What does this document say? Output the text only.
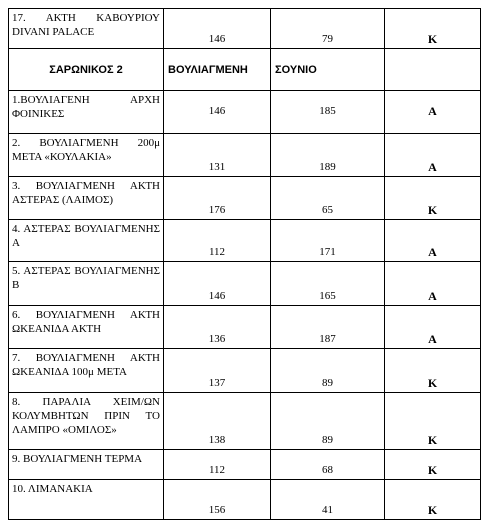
17. ΑΚΤΗ ΚΑΒΟΥΡΙΟΥ DIVANI PALACE	146	79	K
ΣΑΡΩΝΙΚΟΣ 2	ΒΟΥΛΙΑΓΜΕΝΗ	ΣΟΥΝΙΟ	
1.ΒΟΥΛΙΑΓΕΝΗ ΑΡΧΗ ΦΟΙΝΙΚΕΣ	146	185	A
2. ΒΟΥΛΙΑΓΜΕΝΗ 200μ ΜΕΤΑ «ΚΟΥΛΑΚΙΑ»	131	189	A
3. ΒΟΥΛΙΑΓΜΕΝΗ ΑΚΤΗ ΑΣΤΕΡΑΣ (ΛΑΙΜΟΣ)	176	65	K
4. ΑΣΤΕΡΑΣ ΒΟΥΛΙΑΓΜΕΝΗΣ Α	112	171	A
5. ΑΣΤΕΡΑΣ ΒΟΥΛΙΑΓΜΕΝΗΣ Β	146	165	A
6. ΒΟΥΛΙΑΓΜΕΝΗ ΑΚΤΗ ΩΚΕΑΝΙΔΑ ΑΚΤΗ	136	187	A
7. ΒΟΥΛΙΑΓΜΕΝΗ ΑΚΤΗ ΩΚΕΑΝΙΔΑ 100μ ΜΕΤΑ	137	89	K
8. ΠΑΡΑΛΙΑ ΧΕΙΜ/ΩΝ ΚΟΛΥΜΒΗΤΩΝ ΠΡΙΝ ΤΟ ΛΑΜΠΡΟ «ΟΜΙΛΟΣ»	138	89	K
9. ΒΟΥΛΙΑΓΜΕΝΗ ΤΕΡΜΑ	112	68	K
10. ΛΙΜΑΝΑΚΙΑ	156	41	K
